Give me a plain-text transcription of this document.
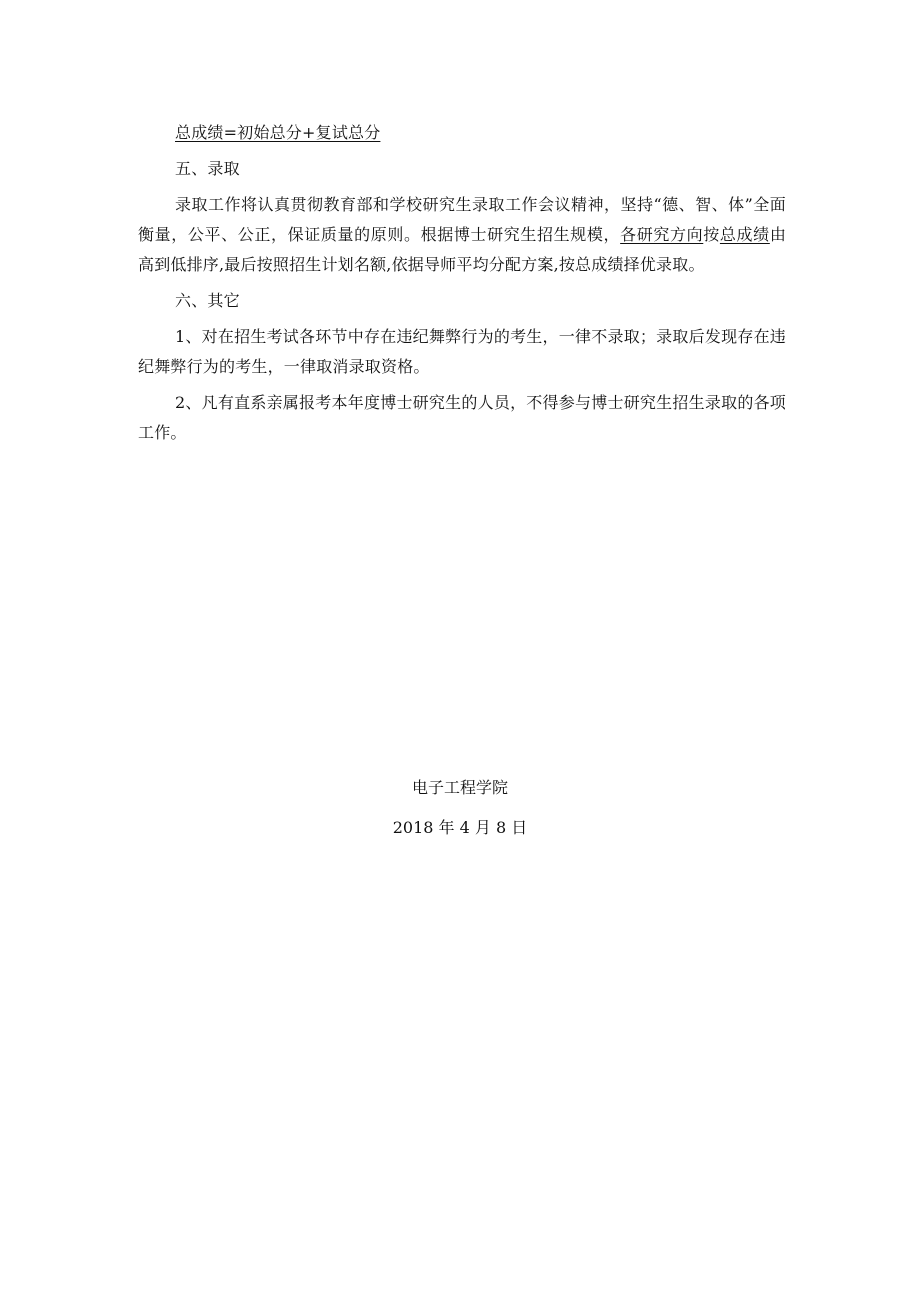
总成绩=初始总分+复试总分

五、录取

录取工作将认真贯彻教育部和学校研究生录取工作会议精神，坚持“德、智、体”全面衡量，公平、公正，保证质量的原则。根据博士研究生招生规模，各研究方向按总成绩由高到低排序,最后按照招生计划名额,依据导师平均分配方案,按总成绩择优录取。

六、其它

1、对在招生考试各环节中存在违纪舞弊行为的考生，一律不录取；录取后发现存在违纪舞弊行为的考生，一律取消录取资格。

2、凡有直系亲属报考本年度博士研究生的人员，不得参与博士研究生招生录取的各项工作。

电子工程学院
2018 年 4 月 8 日
